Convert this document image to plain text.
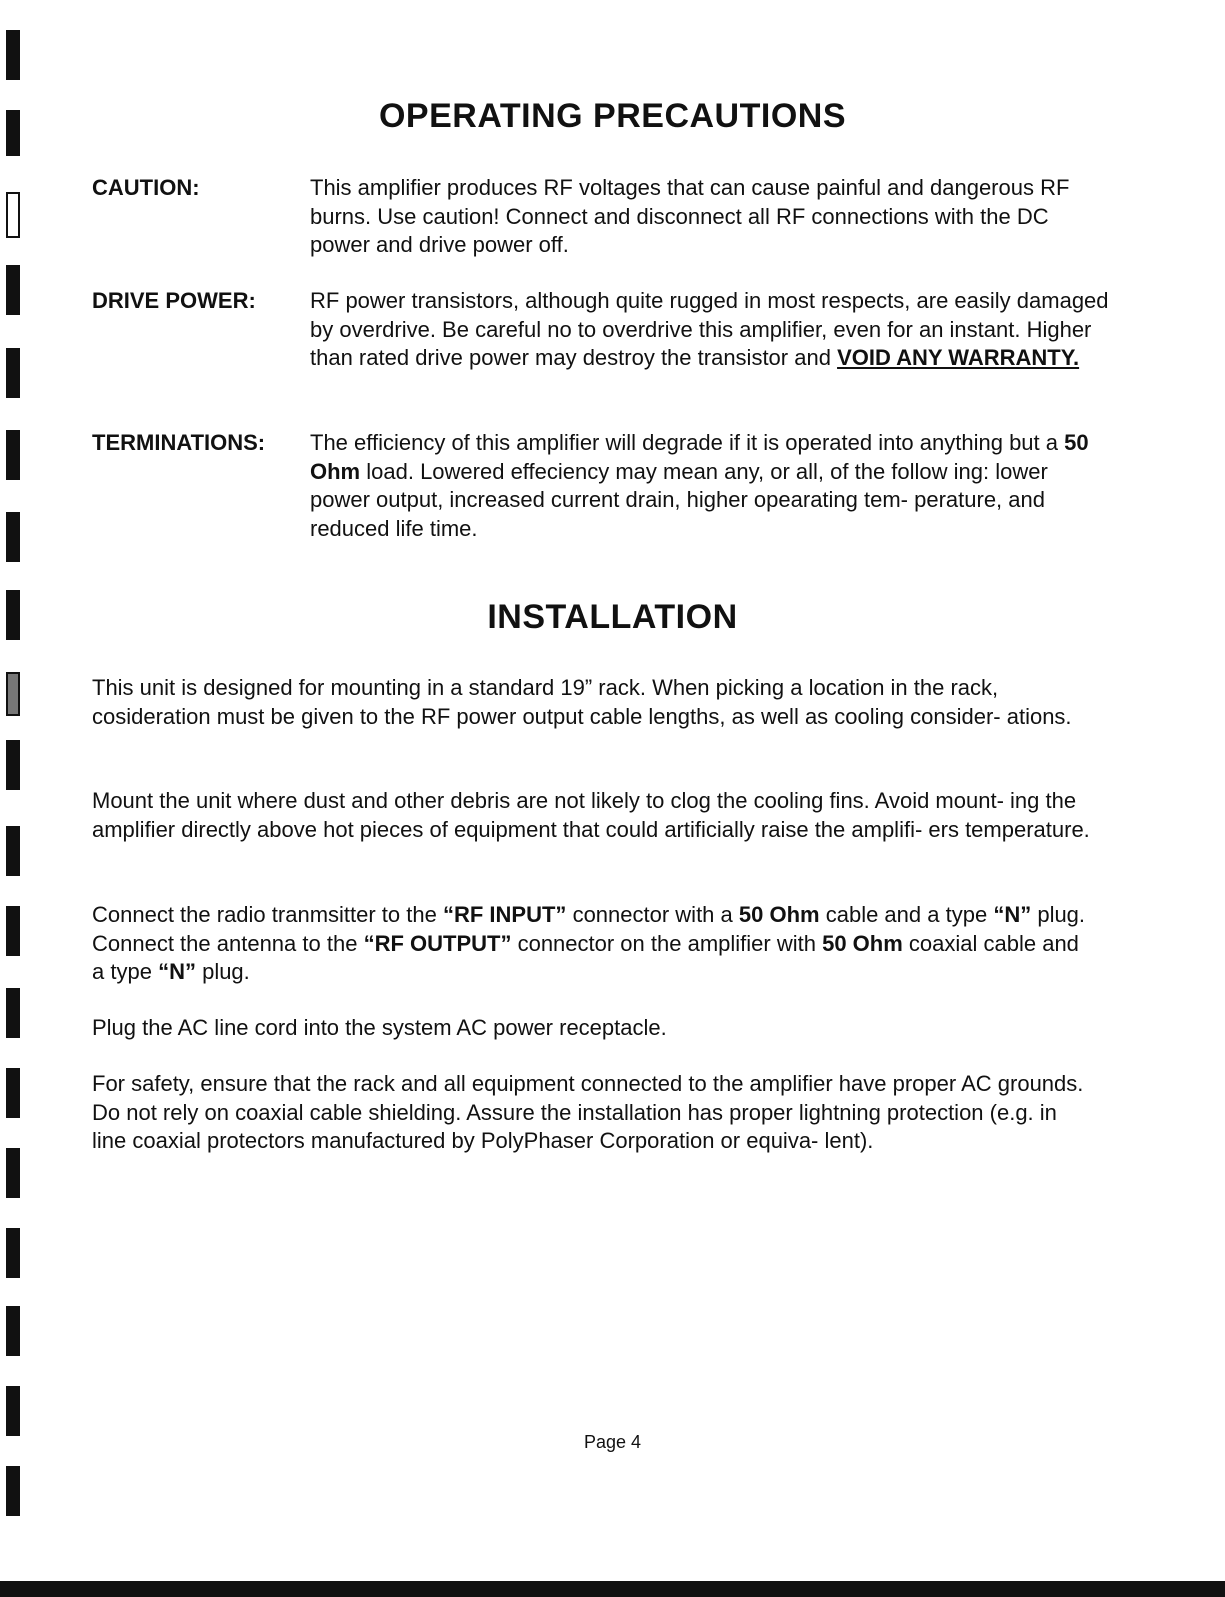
OPERATING PRECAUTIONS
CAUTION:	This amplifier produces RF voltages that can cause painful and dangerous RF burns. Use caution! Connect and disconnect all RF connections with the DC power and drive power off.

DRIVE POWER: RF power transistors, although quite rugged in most respects, are easily damaged by overdrive. Be careful no to overdrive this amplifier, even for an instant. Higher than rated drive power may destroy the transistor and VOID ANY WARRANTY.

TERMINATIONS: The efficiency of this amplifier will degrade if it is operated into anything but a 50 Ohm load. Lowered effeciency may mean any, or all, of the follow ing: lower power output, increased current drain, higher opearating tem- perature, and reduced life time.

INSTALLATION

This unit is designed for mounting in a standard 19” rack. When picking a location in the rack, cosideration must be given to the RF power output cable lengths, as well as cooling consider- ations.

Mount the unit where dust and other debris are not likely to clog the cooling fins. Avoid mount- ing the amplifier directly above hot pieces of equipment that could artificially raise the amplifi- ers temperature.

Connect the radio tranmsitter to the “RF INPUT” connector with a 50 Ohm cable and a type “N” plug. Connect the antenna to the “RF OUTPUT” connector on the amplifier with 50 Ohm coaxial cable and a type “N” plug.

Plug the AC line cord into the system AC power receptacle.

For safety, ensure that the rack and all equipment connected to the amplifier have proper AC grounds. Do not rely on coaxial cable shielding. Assure the installation has proper lightning protection (e.g. in line coaxial protectors manufactured by PolyPhaser Corporation or equiva- lent).

Page 4
